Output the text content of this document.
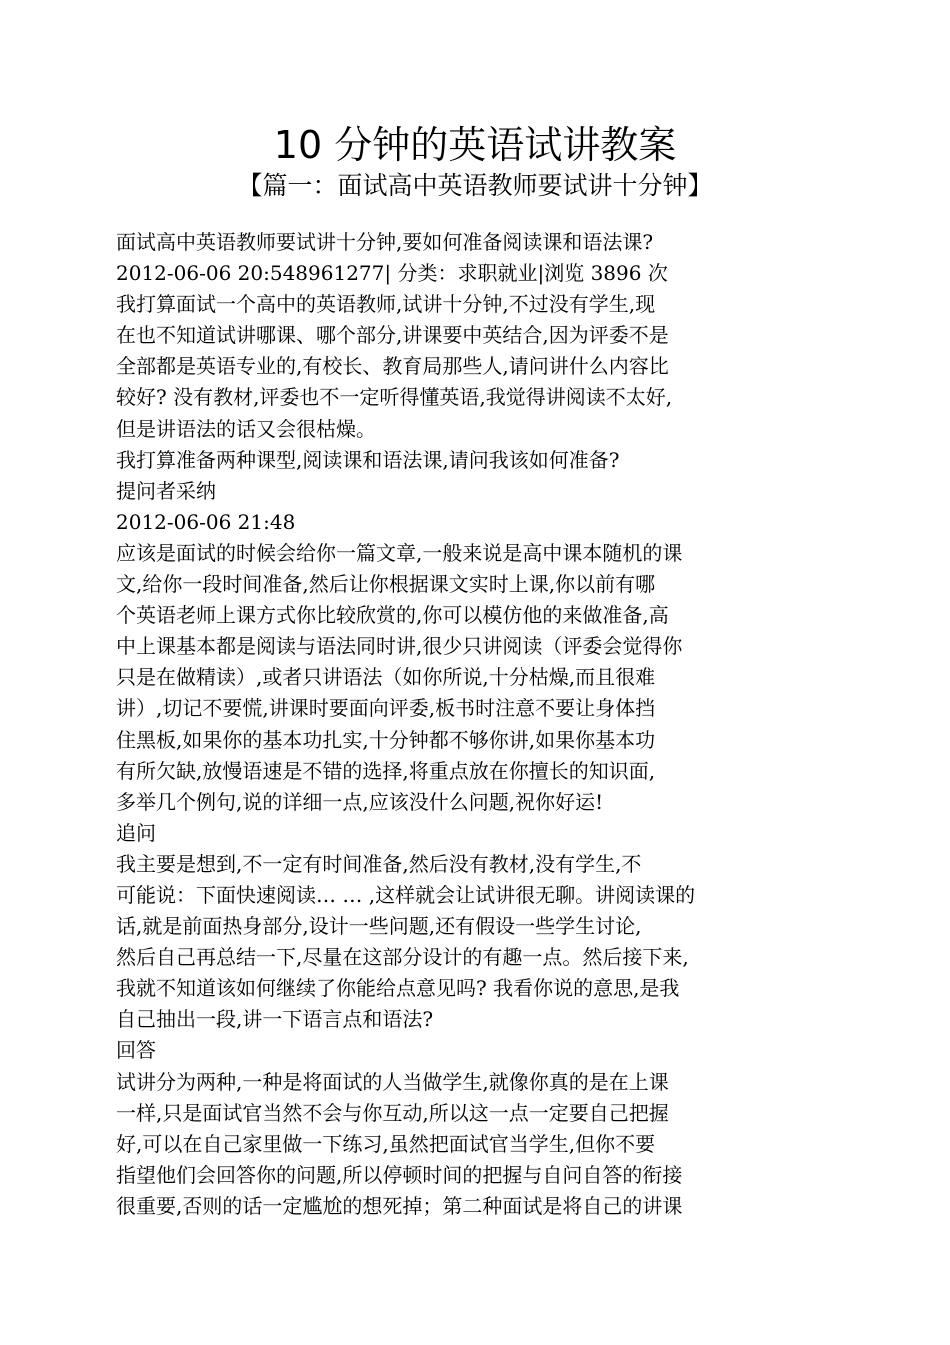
10 分钟的英语试讲教案
【篇一：面试高中英语教师要试讲十分钟】
面试高中英语教师要试讲十分钟,要如何准备阅读课和语法课?
2012-06-06 20:548961277| 分类：求职就业|浏览 3896 次
我打算面试一个高中的英语教师,试讲十分钟,不过没有学生,现
在也不知道试讲哪课、哪个部分,讲课要中英结合,因为评委不是
全部都是英语专业的,有校长、教育局那些人,请问讲什么内容比
较好? 没有教材,评委也不一定听得懂英语,我觉得讲阅读不太好,
但是讲语法的话又会很枯燥。
我打算准备两种课型,阅读课和语法课,请问我该如何准备?
提问者采纳
2012-06-06 21:48
应该是面试的时候会给你一篇文章,一般来说是高中课本随机的课
文,给你一段时间准备,然后让你根据课文实时上课,你以前有哪
个英语老师上课方式你比较欣赏的,你可以模仿他的来做准备,高
中上课基本都是阅读与语法同时讲,很少只讲阅读（评委会觉得你
只是在做精读）,或者只讲语法（如你所说,十分枯燥,而且很难
讲）,切记不要慌,讲课时要面向评委,板书时注意不要让身体挡
住黑板,如果你的基本功扎实,十分钟都不够你讲,如果你基本功
有所欠缺,放慢语速是不错的选择,将重点放在你擅长的知识面,
多举几个例句,说的详细一点,应该没什么问题,祝你好运!
追问
我主要是想到,不一定有时间准备,然后没有教材,没有学生,不
可能说：下面快速阅读… … ,这样就会让试讲很无聊。讲阅读课的
话,就是前面热身部分,设计一些问题,还有假设一些学生讨论,
然后自己再总结一下,尽量在这部分设计的有趣一点。然后接下来,
我就不知道该如何继续了你能给点意见吗? 我看你说的意思,是我
自己抽出一段,讲一下语言点和语法?
回答
试讲分为两种,一种是将面试的人当做学生,就像你真的是在上课
一样,只是面试官当然不会与你互动,所以这一点一定要自己把握
好,可以在自己家里做一下练习,虽然把面试官当学生,但你不要
指望他们会回答你的问题,所以停顿时间的把握与自问自答的衔接
很重要,否则的话一定尴尬的想死掉；第二种面试是将自己的讲课
